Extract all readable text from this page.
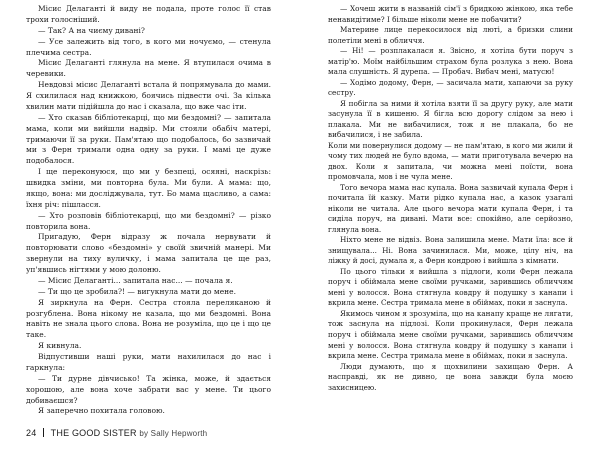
Місис Делаганті й виду не подала, проте голос її став трохи голосніший.

— Так? А на чиєму дивані?

— Усе залежить від того, в кого ми ночуємо, — стенула плечима сестра.

Місис Делаганті глянула на мене. Я втупилася очима в черевики.

Невдовзі місис Делаганті встала й попрямувала до мами. Я схилилася над книжкою, боячись підвести очі. За кілька хвилин мати підійшла до нас і сказала, що вже час іти.

— Хто сказав бібліотекарці, що ми бездомні? — запитала мама, коли ми вийшли надвір. Ми стояли обабіч матері, тримаючи її за руки. Пам'ятаю що подобалось, бо зазвичай ми з Ферн тримали одна одну за руки. І мамі це дуже подобалося.

І ще переконуюся, що ми у безпеці, осяяні, наскрізь: швидка зміни, ми повторна була. Ми були. А мама: що, якщо, вона: ми досліджувала, тут. Бо мама щасливо, а сама: їхня річ: пішласся.

— Хто розповів бібліотекарці, що ми бездомні? — різко повторила вона.

Пригадую, Ферн відразу ж почала нервувати й повторювати слово «бездомні» у своїй звичній манері. Ми звернули на тиху вуличку, і мама запитала це ще раз, уп'явшись нігтями у мою долоню.

— Місис Делаганті... запитала нас... — почала я.

— Ти що це зробила?! — вигукнула мати до мене.

Я зиркнула на Ферн. Сестра стояла переляканою й розгублена. Вона нікому не казала, що ми бездомні. Вона навіть не знала цього слова. Вона не розуміла, що це і що це таке.

Я кивнула.

Відпустивши наші руки, мати нахилилася до нас і гаркнула:

— Ти дурне дівчисько! Та жінка, може, й здається хорошою, але вона хоче забрати вас у мене. Ти цього добиваєшся?

Я заперечно похитала головою.

— Хочеш жити в названій сім'ї з бридкою жінкою, яка тебе ненавидітиме? І більше ніколи мене не побачити?

Материне лице перекосилося від люті, а бризки слини полетіли мені в обличчя.

— Ні! — розплакалася я. Звісно, я хотіла бути поруч з матір'ю. Моїм найбільшим страхом була розлука з нею. Вона мала слушність. Я дурепа. — Пробач. Вибач мені, матусю!

— Ходімо додому, Ферн, — засичала мати, хапаючи за руку сестру.

Я побігла за ними й хотіла взяти її за другу руку, але мати засунула її в кишеню. Я бігла всю дорогу слідом за нею і плакала. Ми не вибачилися, тож я не плакала, бо не вибачилися, і не забила.

Коли ми повернулися додому — не пам'ятаю, в кого ми жили й чому тих людей не було вдома, — мати приготувала вечерю на двох. Коли я запитала, чи можна мені поїсти, вона промовчала, мов і не чула мене.

Того вечора мама нас купала. Вона зазвичай купала Ферн і почитала їй казку. Мати рідко купала нас, а казок узагалі ніколи не читала. Але цього вечора мати купала Ферн, і та сиділа поруч, на дивані. Мати все: спокійно, але серйозно, глянула вона.

Ніхто мене не відвіз. Вона залишила мене. Мати їла: все й знищувала... Ні. Вона зачинилася. Ми, може, цілу ніч, на ліжку й досі, думала я, а Ферн кондрою і вийшла з кімнати.

По цього тільки я вийшла з підлоги, коли Ферн лежала поруч і обіймала мене своїми ручками, зарившись обличчям мені у волосся. Вона стягнула ковдру й подушку з канапи і вкрила мене. Сестра тримала мене в обіймах, поки я заснула.

Якимось чином я зрозуміла, що на канапу краще не лягати, тож заснула на підлозі. Коли прокинулася, Ферн лежала поруч і обіймала мене своїми ручками, зарившись обличчям мені у волосся. Вона стягнула ковдру й подушку з канапи і вкрила мене. Сестра тримала мене в обіймах, поки я заснула.

Люди думають, що я щохвилини захищаю Ферн. А насправді, як не дивно, це вона завжди була моєю захисницею.

24 THE GOOD SISTER by Sally Hepworth
